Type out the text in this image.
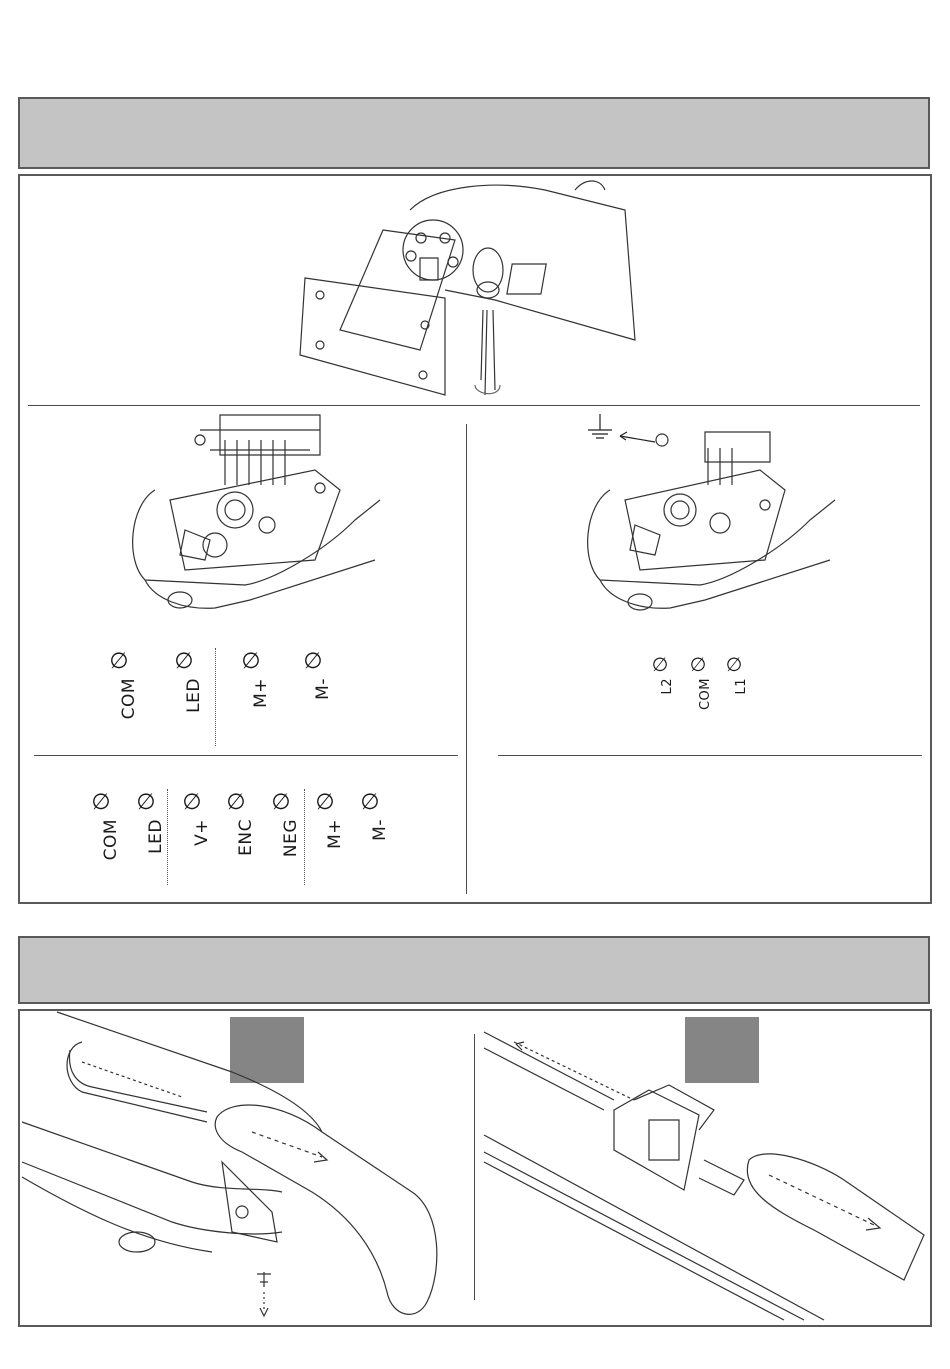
∅
COM
∅
LED
∅
M+
∅
M-
∅
L2
∅
COM
∅
L1
∅
COM
∅
LED
∅
V+
∅
ENC
∅
NEG
∅
M+
∅
M-
